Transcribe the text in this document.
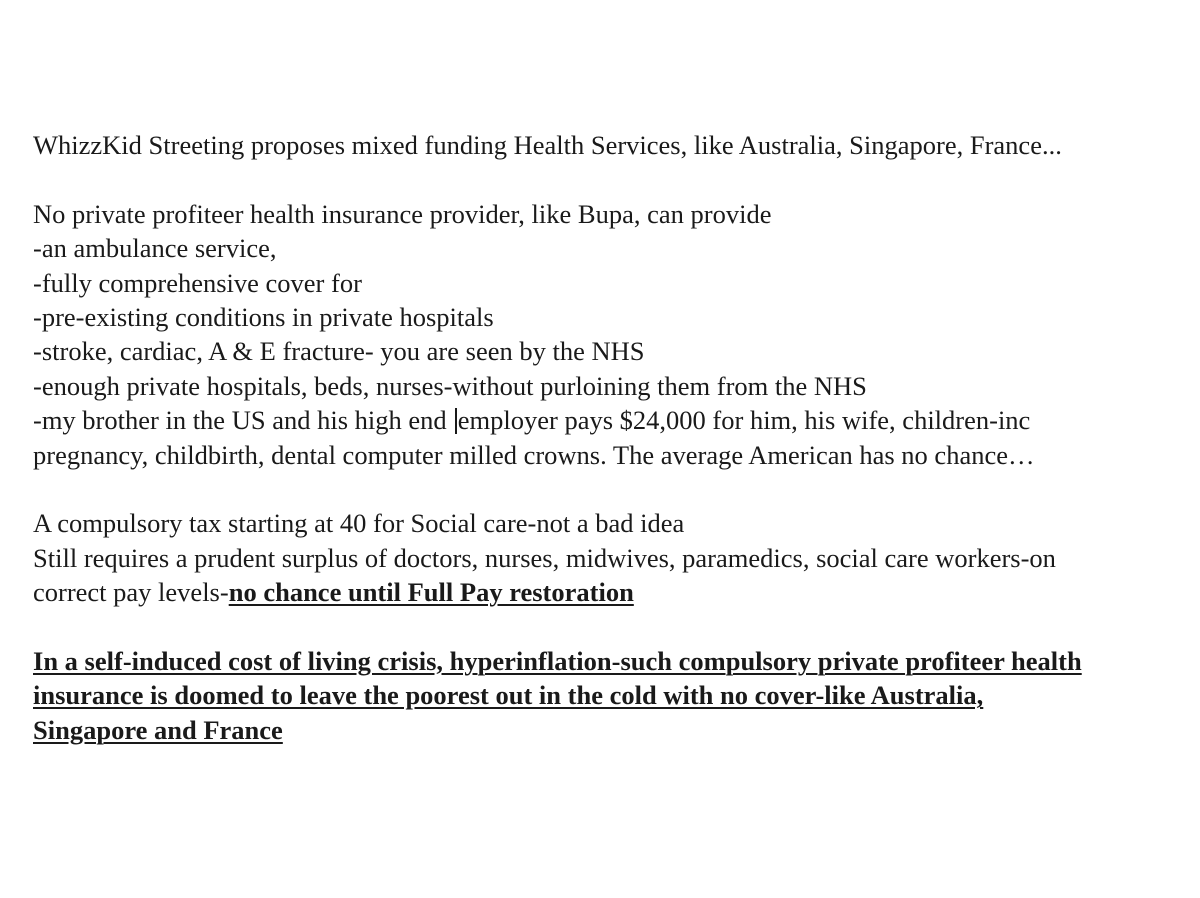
WhizzKid Streeting proposes mixed funding Health Services, like Australia, Singapore, France...
No private profiteer health insurance provider, like Bupa, can provide
-an ambulance service,
-fully comprehensive cover for
-pre-existing conditions in private hospitals
-stroke, cardiac, A & E fracture- you are seen by the NHS
-enough private hospitals, beds, nurses-without purloining them from the NHS
-my brother in the US and his high end employer pays $24,000 for him, his wife, children-inc
pregnancy, childbirth, dental computer milled crowns. The average American has no chance…
A compulsory tax starting at 40 for Social care-not a bad idea
Still requires a prudent surplus of doctors, nurses, midwives, paramedics, social care workers-on
correct pay levels-no chance until Full Pay restoration
In a self-induced cost of living crisis, hyperinflation-such compulsory private profiteer health
insurance is doomed to leave the poorest out in the cold with no cover-like Australia,
Singapore and France
